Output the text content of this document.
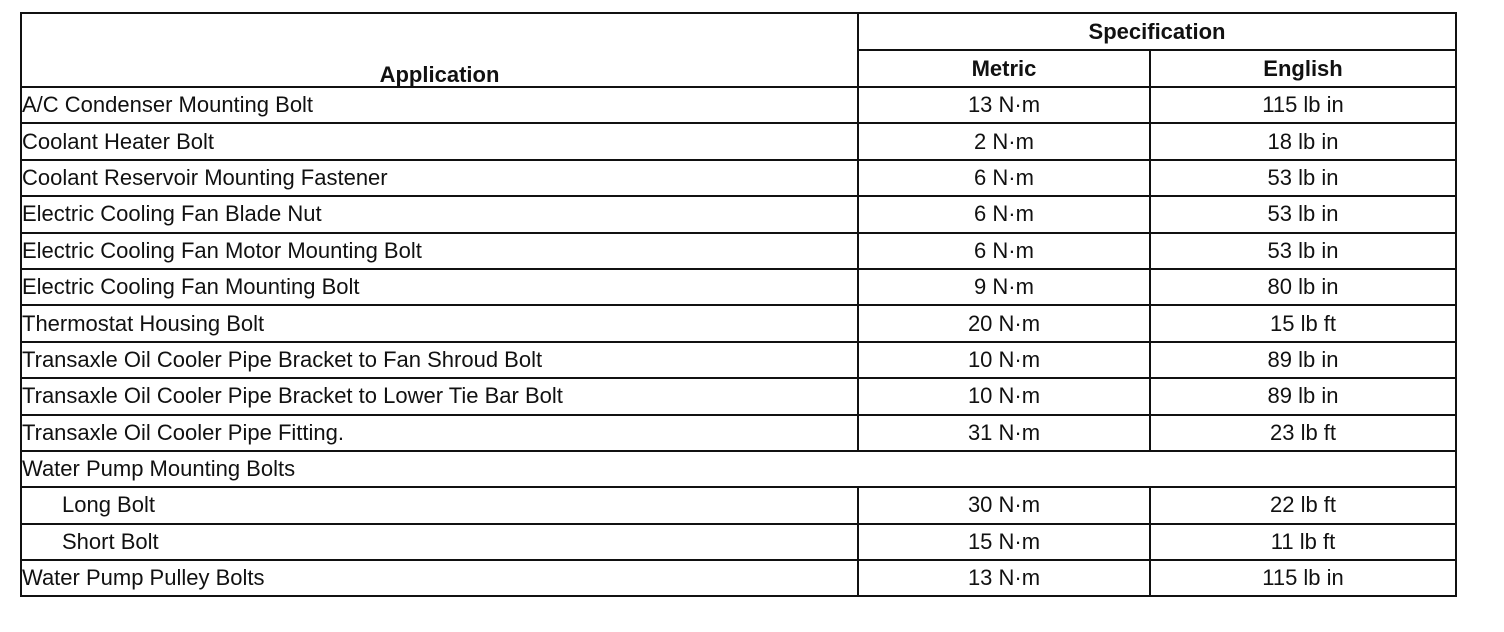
Application	Specification	
	Metric	English
A/C Condenser Mounting Bolt	13 N·m	115 lb in
Coolant Heater Bolt	2 N·m	18 lb in
Coolant Reservoir Mounting Fastener	6 N·m	53 lb in
Electric Cooling Fan Blade Nut	6 N·m	53 lb in
Electric Cooling Fan Motor Mounting Bolt	6 N·m	53 lb in
Electric Cooling Fan Mounting Bolt	9 N·m	80 lb in
Thermostat Housing Bolt	20 N·m	15 lb ft
Transaxle Oil Cooler Pipe Bracket to Fan Shroud Bolt	10 N·m	89 lb in
Transaxle Oil Cooler Pipe Bracket to Lower Tie Bar Bolt	10 N·m	89 lb in
Transaxle Oil Cooler Pipe Fitting.	31 N·m	23 lb ft
Water Pump Mounting Bolts		
Long Bolt	30 N·m	22 lb ft
Short Bolt	15 N·m	11 lb ft
Water Pump Pulley Bolts	13 N·m	115 lb in
